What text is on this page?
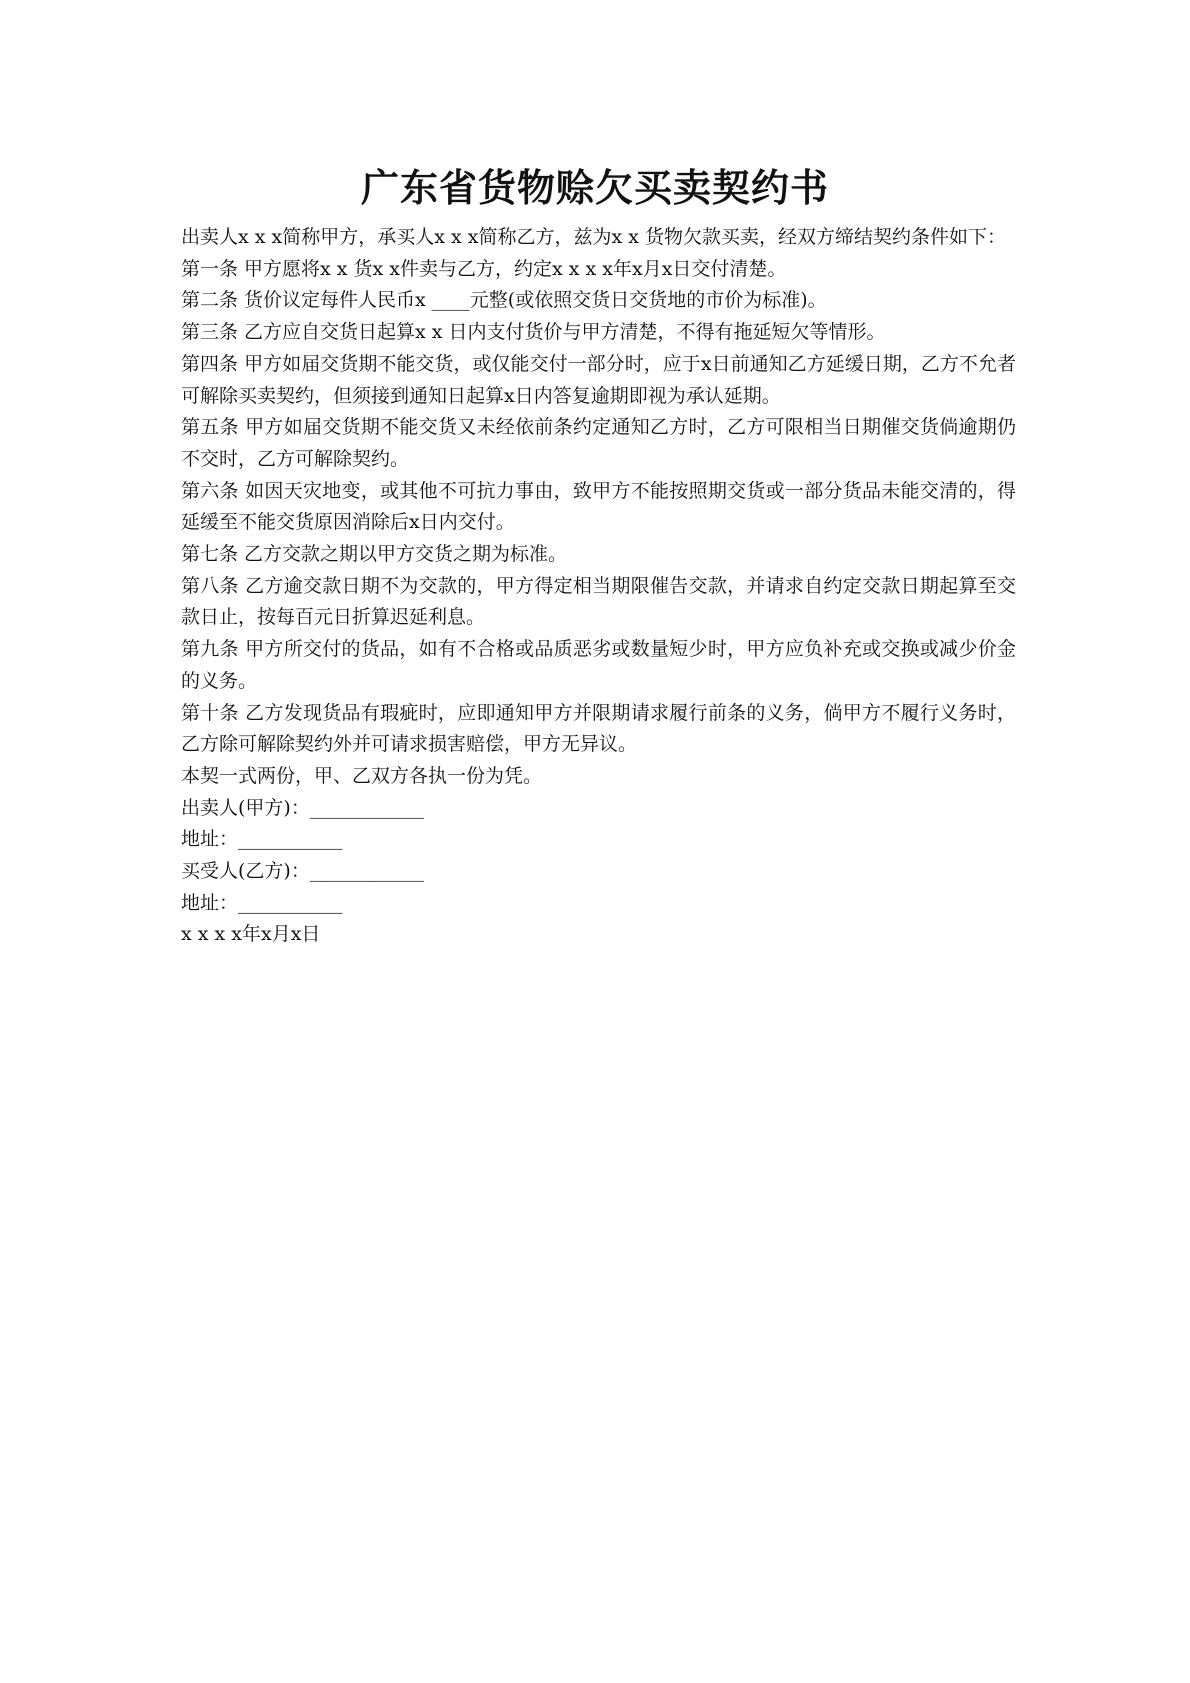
广东省货物赊欠买卖契约书

出卖人x x x简称甲方，承买人x x x简称乙方，兹为x x 货物欠款买卖，经双方缔结契约条件如下：

第一条 甲方愿将x x 货x x件卖与乙方，约定x x x x年x月x日交付清楚。

第二条 货价议定每件人民币x ____元整(或依照交货日交货地的市价为标准)。

第三条 乙方应自交货日起算x x 日内支付货价与甲方清楚，不得有拖延短欠等情形。

第四条 甲方如届交货期不能交货，或仅能交付一部分时，应于x日前通知乙方延缓日期，乙方不允者可解除买卖契约，但须接到通知日起算x日内答复逾期即视为承认延期。

第五条 甲方如届交货期不能交货又未经依前条约定通知乙方时，乙方可限相当日期催交货倘逾期仍不交时，乙方可解除契约。

第六条 如因天灾地变，或其他不可抗力事由，致甲方不能按照期交货或一部分货品未能交清的，得延缓至不能交货原因消除后x日内交付。

第七条 乙方交款之期以甲方交货之期为标准。

第八条 乙方逾交款日期不为交款的，甲方得定相当期限催告交款，并请求自约定交款日期起算至交款日止，按每百元日折算迟延利息。

第九条 甲方所交付的货品，如有不合格或品质恶劣或数量短少时，甲方应负补充或交换或减少价金的义务。

第十条 乙方发现货品有瑕疵时，应即通知甲方并限期请求履行前条的义务，倘甲方不履行义务时，乙方除可解除契约外并可请求损害赔偿，甲方无异议。

本契一式两份，甲、乙双方各执一份为凭。

出卖人(甲方)：____________

地址：___________

买受人(乙方)：____________

地址：___________

x x x x年x月x日
